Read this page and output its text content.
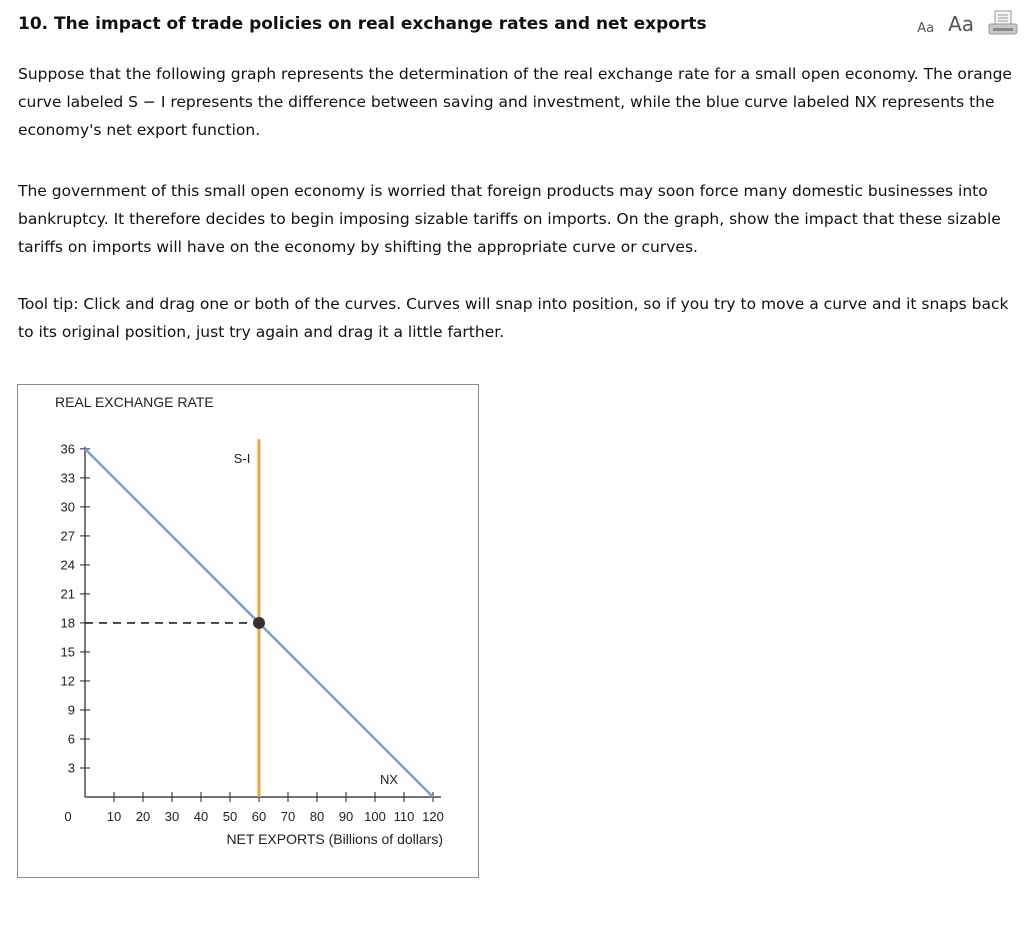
10. The impact of trade policies on real exchange rates and net exports	Aa Aa

Suppose that the following graph represents the determination of the real exchange rate for a small open economy. The orange curve labeled S − I represents the difference between saving and investment, while the blue curve labeled NX represents the economy's net export function.

The government of this small open economy is worried that foreign products may soon force many domestic businesses into bankruptcy. It therefore decides to begin imposing sizable tariffs on imports. On the graph, show the impact that these sizable tariffs on imports will have on the economy by shifting the appropriate curve or curves.

Tool tip: Click and drag one or both of the curves. Curves will snap into position, so if you try to move a curve and it snaps back to its original position, just try again and drag it a little farther.

REAL EXCHANGE RATE
NET EXPORTS (Billions of dollars)
0
3
6
9
12
15
18
21
24
27
30
33
36
10 20 30 40 50 60 70 80 90 100 110 120
S-I
NX
